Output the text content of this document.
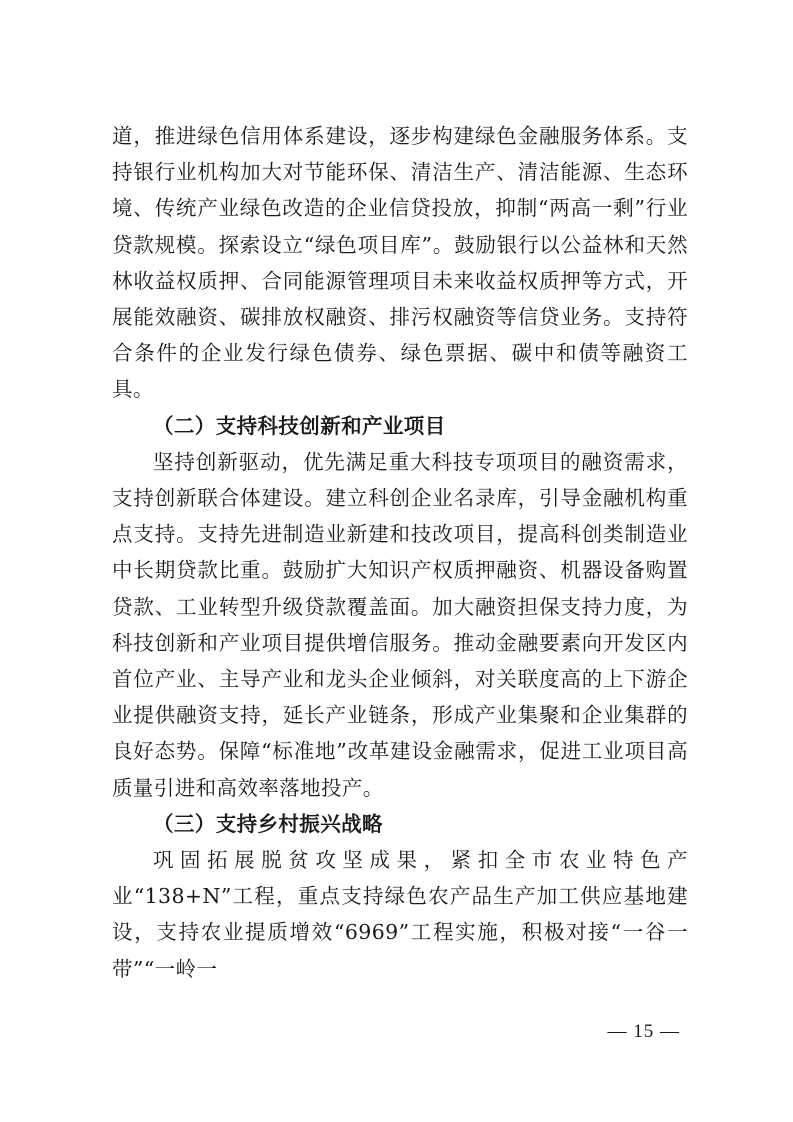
道，推进绿色信用体系建设，逐步构建绿色金融服务体系。支持银行业机构加大对节能环保、清洁生产、清洁能源、生态环境、传统产业绿色改造的企业信贷投放，抑制“两高一剩”行业贷款规模。探索设立“绿色项目库”。鼓励银行以公益林和天然林收益权质押、合同能源管理项目未来收益权质押等方式，开展能效融资、碳排放权融资、排污权融资等信贷业务。支持符合条件的企业发行绿色债券、绿色票据、碳中和债等融资工具。

（二）支持科技创新和产业项目

坚持创新驱动，优先满足重大科技专项项目的融资需求，支持创新联合体建设。建立科创企业名录库，引导金融机构重点支持。支持先进制造业新建和技改项目，提高科创类制造业中长期贷款比重。鼓励扩大知识产权质押融资、机器设备购置贷款、工业转型升级贷款覆盖面。加大融资担保支持力度，为科技创新和产业项目提供增信服务。推动金融要素向开发区内首位产业、主导产业和龙头企业倾斜，对关联度高的上下游企业提供融资支持，延长产业链条，形成产业集聚和企业集群的良好态势。保障“标准地”改革建设金融需求，促进工业项目高质量引进和高效率落地投产。

（三）支持乡村振兴战略

巩固拓展脱贫攻坚成果，紧扣全市农业特色产业“138+N”工程，重点支持绿色农产品生产加工供应基地建设，支持农业提质增效“6969”工程实施，积极对接“一谷一带”“一岭一

— 15 —
